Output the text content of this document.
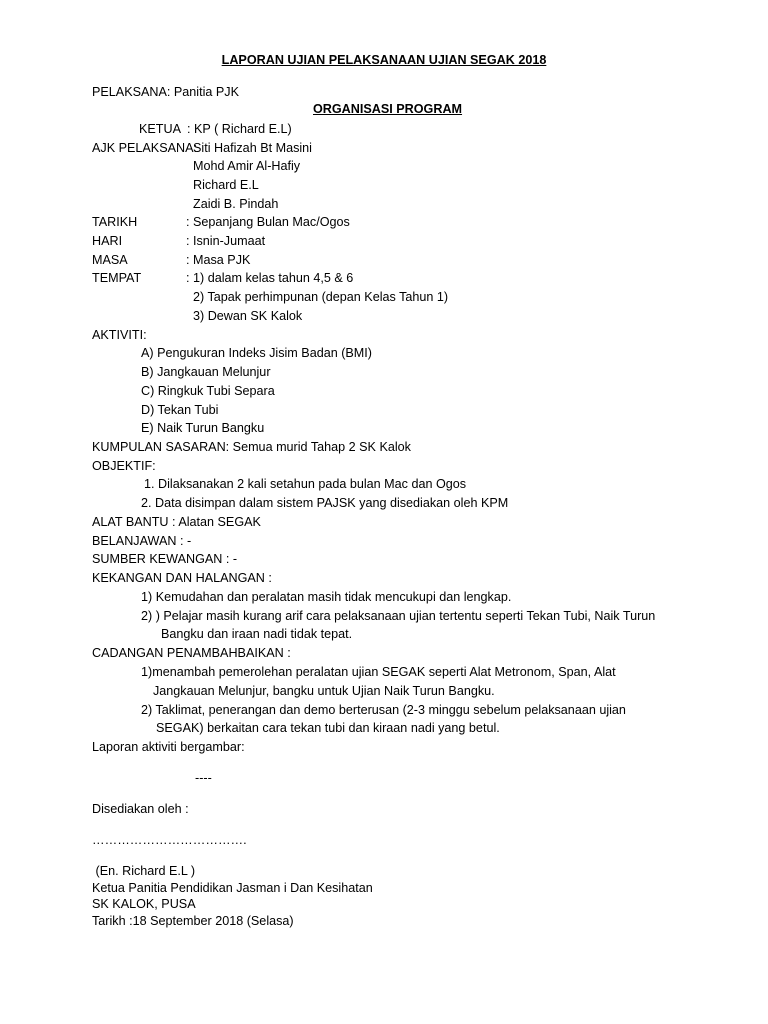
LAPORAN UJIAN PELAKSANAAN UJIAN SEGAK 2018
PELAKSANA: Panitia PJK
ORGANISASI PROGRAM
KETUA : KP ( Richard E.L)
AJK PELAKSANA:
Siti Hafizah Bt Masini
Mohd Amir Al-Hafiy
Richard E.L
Zaidi B. Pindah
TARIKH	: Sepanjang Bulan Mac/Ogos
HARI	: Isnin-Jumaat
MASA	: Masa PJK
TEMPAT	: 1) dalam kelas tahun 4,5 & 6
2) Tapak perhimpunan (depan Kelas Tahun 1)
3) Dewan SK Kalok
AKTIVITI:
A) Pengukuran Indeks Jisim Badan (BMI)
B) Jangkauan Melunjur
C) Ringkuk Tubi Separa
D) Tekan Tubi
E) Naik Turun Bangku
KUMPULAN SASARAN: Semua murid Tahap 2 SK Kalok
OBJEKTIF:
1. Dilaksanakan 2 kali setahun pada bulan Mac dan Ogos
2. Data disimpan dalam sistem PAJSK yang disediakan oleh KPM
ALAT BANTU : Alatan SEGAK
BELANJAWAN : -
SUMBER KEWANGAN : -
KEKANGAN DAN HALANGAN :
1) Kemudahan dan peralatan masih tidak mencukupi dan lengkap.
2) ) Pelajar masih kurang arif cara pelaksanaan ujian tertentu seperti Tekan Tubi, Naik Turun
Bangku dan iraan nadi tidak tepat.
CADANGAN PENAMBAHBAIKAN :
1)menambah pemerolehan peralatan ujian SEGAK seperti Alat Metronom, Span, Alat
Jangkauan Melunjur, bangku untuk Ujian Naik Turun Bangku.
2) Taklimat, penerangan dan demo berterusan (2-3 minggu sebelum pelaksanaan ujian
SEGAK) berkaitan cara tekan tubi dan kiraan nadi yang betul.
Laporan aktiviti bergambar:
----
Disediakan oleh :
……………………………….
(En. Richard E.L )
Ketua Panitia Pendidikan Jasman i Dan Kesihatan
SK KALOK, PUSA
Tarikh :18 September 2018 (Selasa)
